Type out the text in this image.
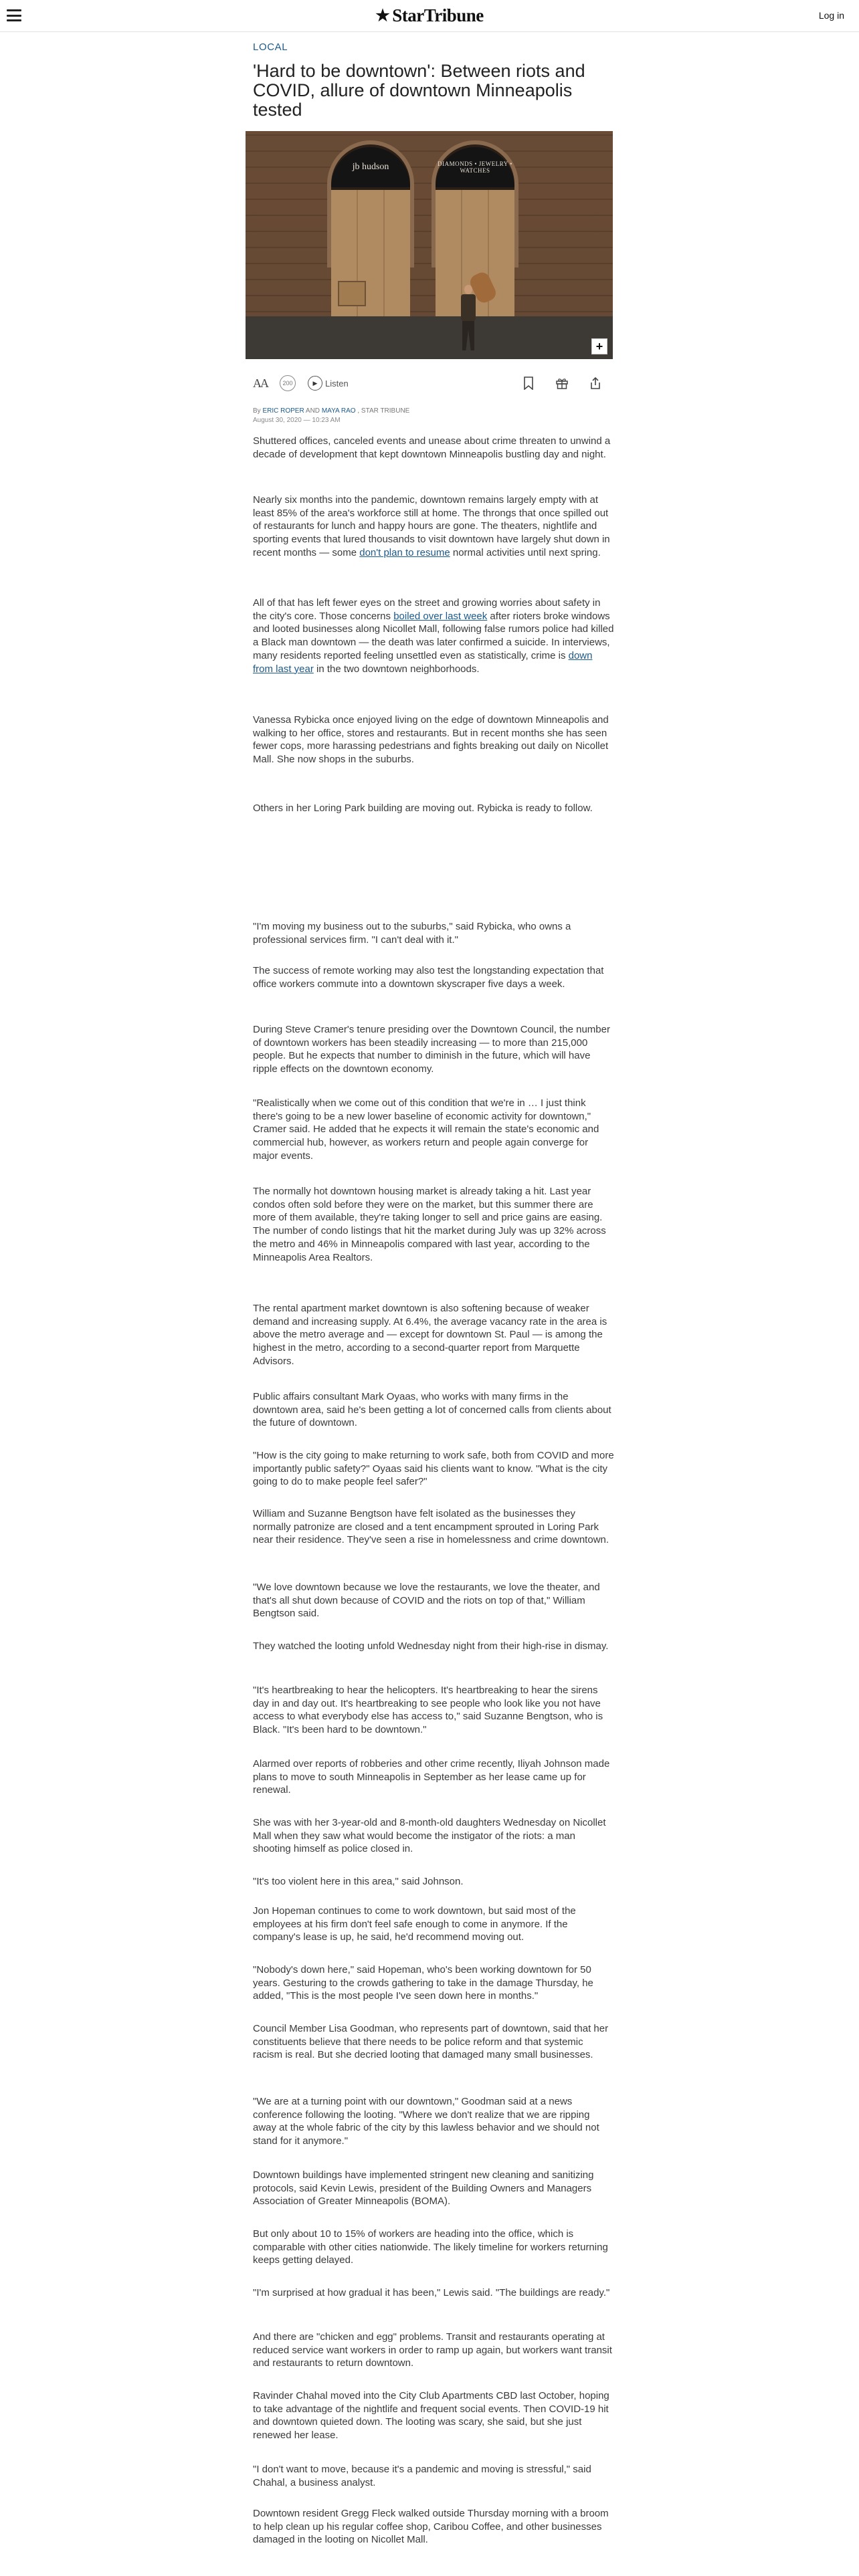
★ StarTribune	Log in
LOCAL
'Hard to be downtown': Between riots and COVID, allure of downtown Minneapolis tested
jb hudson	DIAMONDS • JEWELRY • WATCHES
+
AA	200	▶ Listen
By ERIC ROPER AND MAYA RAO , STAR TRIBUNE
August 30, 2020 — 10:23 AM

Shuttered offices, canceled events and unease about crime threaten to unwind a decade of development that kept downtown Minneapolis bustling day and night.

Nearly six months into the pandemic, downtown remains largely empty with at least 85% of the area's workforce still at home. The throngs that once spilled out of restaurants for lunch and happy hours are gone. The theaters, nightlife and sporting events that lured thousands to visit downtown have largely shut down in recent months — some don't plan to resume normal activities until next spring.

All of that has left fewer eyes on the street and growing worries about safety in the city's core. Those concerns boiled over last week after rioters broke windows and looted businesses along Nicollet Mall, following false rumors police had killed a Black man downtown — the death was later confirmed a suicide. In interviews, many residents reported feeling unsettled even as statistically, crime is down from last year in the two downtown neighborhoods.

Vanessa Rybicka once enjoyed living on the edge of downtown Minneapolis and walking to her office, stores and restaurants. But in recent months she has seen fewer cops, more harassing pedestrians and fights breaking out daily on Nicollet Mall. She now shops in the suburbs.

Others in her Loring Park building are moving out. Rybicka is ready to follow.

"I'm moving my business out to the suburbs," said Rybicka, who owns a professional services firm. "I can't deal with it."

The success of remote working may also test the longstanding expectation that office workers commute into a downtown skyscraper five days a week.

During Steve Cramer's tenure presiding over the Downtown Council, the number of downtown workers has been steadily increasing — to more than 215,000 people. But he expects that number to diminish in the future, which will have ripple effects on the downtown economy.

"Realistically when we come out of this condition that we're in … I just think there's going to be a new lower baseline of economic activity for downtown," Cramer said. He added that he expects it will remain the state's economic and commercial hub, however, as workers return and people again converge for major events.

The normally hot downtown housing market is already taking a hit. Last year condos often sold before they were on the market, but this summer there are more of them available, they're taking longer to sell and price gains are easing. The number of condo listings that hit the market during July was up 32% across the metro and 46% in Minneapolis compared with last year, according to the Minneapolis Area Realtors.

The rental apartment market downtown is also softening because of weaker demand and increasing supply. At 6.4%, the average vacancy rate in the area is above the metro average and — except for downtown St. Paul — is among the highest in the metro, according to a second-quarter report from Marquette Advisors.

Public affairs consultant Mark Oyaas, who works with many firms in the downtown area, said he's been getting a lot of concerned calls from clients about the future of downtown.

"How is the city going to make returning to work safe, both from COVID and more importantly public safety?" Oyaas said his clients want to know. "What is the city going to do to make people feel safer?"

William and Suzanne Bengtson have felt isolated as the businesses they normally patronize are closed and a tent encampment sprouted in Loring Park near their residence. They've seen a rise in homelessness and crime downtown.

"We love downtown because we love the restaurants, we love the theater, and that's all shut down because of COVID and the riots on top of that," William Bengtson said.

They watched the looting unfold Wednesday night from their high-rise in dismay.

"It's heartbreaking to hear the helicopters. It's heartbreaking to hear the sirens day in and day out. It's heartbreaking to see people who look like you not have access to what everybody else has access to," said Suzanne Bengtson, who is Black. "It's been hard to be downtown."

Alarmed over reports of robberies and other crime recently, Iliyah Johnson made plans to move to south Minneapolis in September as her lease came up for renewal.

She was with her 3-year-old and 8-month-old daughters Wednesday on Nicollet Mall when they saw what would become the instigator of the riots: a man shooting himself as police closed in.

"It's too violent here in this area," said Johnson.

Jon Hopeman continues to come to work downtown, but said most of the employees at his firm don't feel safe enough to come in anymore. If the company's lease is up, he said, he'd recommend moving out.

"Nobody's down here," said Hopeman, who's been working downtown for 50 years. Gesturing to the crowds gathering to take in the damage Thursday, he added, "This is the most people I've seen down here in months."

Council Member Lisa Goodman, who represents part of downtown, said that her constituents believe that there needs to be police reform and that systemic racism is real. But she decried looting that damaged many small businesses.

"We are at a turning point with our downtown," Goodman said at a news conference following the looting. "Where we don't realize that we are ripping away at the whole fabric of the city by this lawless behavior and we should not stand for it anymore."

Downtown buildings have implemented stringent new cleaning and sanitizing protocols, said Kevin Lewis, president of the Building Owners and Managers Association of Greater Minneapolis (BOMA).

But only about 10 to 15% of workers are heading into the office, which is comparable with other cities nationwide. The likely timeline for workers returning keeps getting delayed.

"I'm surprised at how gradual it has been," Lewis said. "The buildings are ready."

And there are "chicken and egg" problems. Transit and restaurants operating at reduced service want workers in order to ramp up again, but workers want transit and restaurants to return downtown.

Ravinder Chahal moved into the City Club Apartments CBD last October, hoping to take advantage of the nightlife and frequent social events. Then COVID-19 hit and downtown quieted down. The looting was scary, she said, but she just renewed her lease.

"I don't want to move, because it's a pandemic and moving is stressful," said Chahal, a business analyst.

Downtown resident Gregg Fleck walked outside Thursday morning with a broom to help clean up his regular coffee shop, Caribou Coffee, and other businesses damaged in the looting on Nicollet Mall.
